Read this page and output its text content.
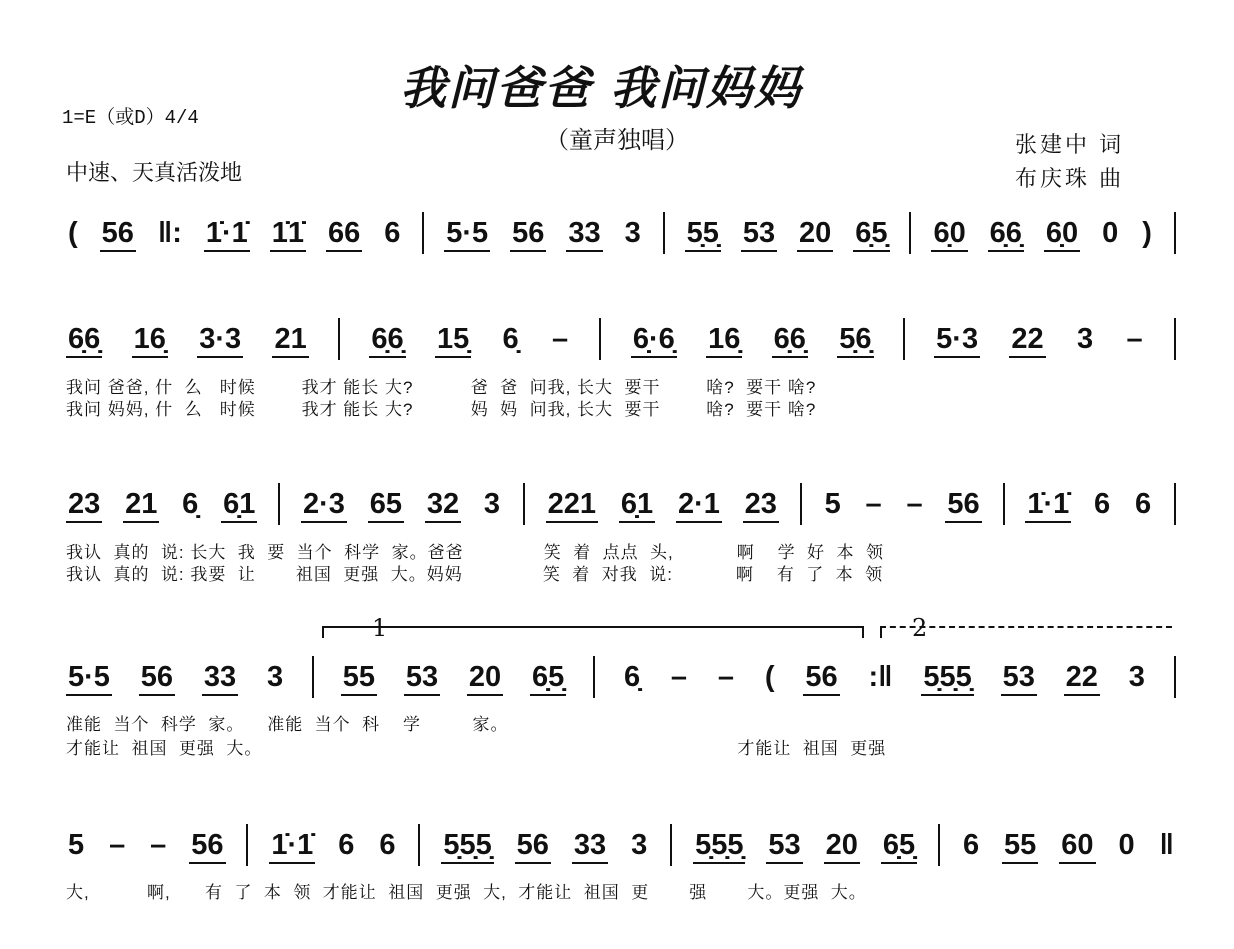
我问爸爸 我问妈妈
（童声独唱）
1=E（或D）4/4
中速、天真活泼地
张建中 词
布庆珠 曲
( 56 ‖: 1̇·1̇ 1̇1̇ 66 6 5·5 56 33 3 5̣5̣ 53 20 6̣5̣ 6̣0 6̣6̣ 6̣0 0 )
6̣6̣ 16̣ 3·3 21 6̣6̣ 15̣ 6̣ – 6̣·6̣ 16̣ 6̣6̣ 5̣6̣ 5·3 22 3 –
我问 爸爸, 什  么   时候        我才 能长 大?          爸  爸  问我, 长大  要干        啥?  要干 啥?
我问 妈妈, 什  么   时候        我才 能长 大?          妈  妈  问我, 长大  要干        啥?  要干 啥?
23 21 6̣ 6̣1 2·3 65 32 3 221 6̣1 2·1 23 5 – – 56 1̇·1̇ 6 6
我认  真的  说: 长大  我  要  当个  科学  家。爸爸              笑  着  点点  头,           啊    学  好  本  领
我认  真的  说: 我要  让       祖国  更强  大。妈妈              笑  着  对我  说:           啊    有  了  本  领
5·5 56 33 3 55 53 20 6̣5̣ 6̣ – – ( 56 :‖ 5̣5̣5̣ 53 22 3
准能  当个  科学  家。    准能  当个  科    学         家。
才能让  祖国  更强  大。                                                                                   才能让  祖国  更强
1	2
5 – – 56 1̇·1̇ 6 6 5̣5̣5̣ 56 33 3 5̣5̣5̣ 53 20 6̣5̣ 6 55 60 0 ‖
大,          啊,      有  了  本  领  才能让  祖国  更强  大,  才能让  祖国  更       强       大。更强  大。
